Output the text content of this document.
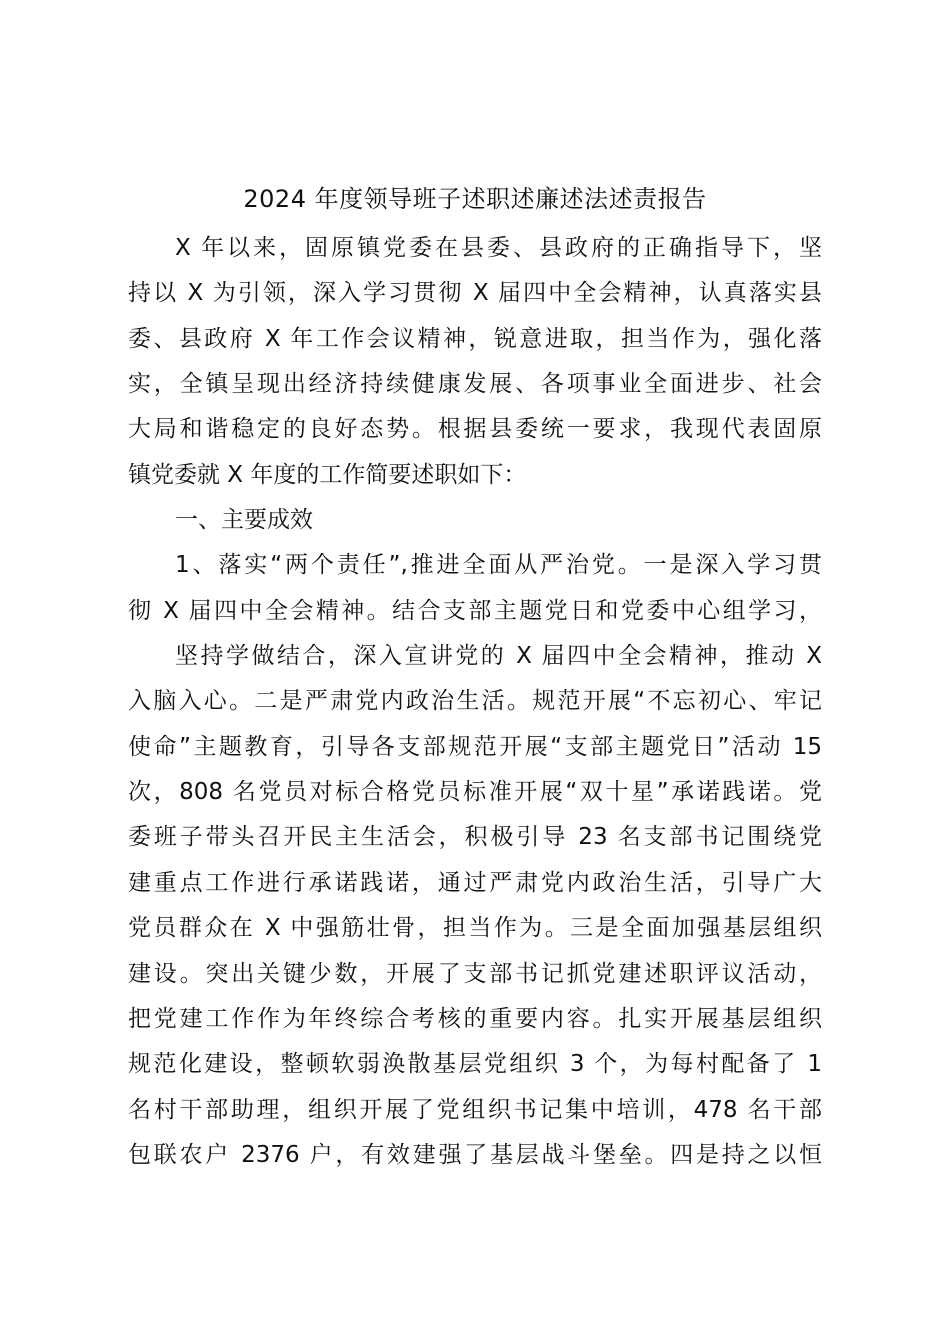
2024 年度领导班子述职述廉述法述责报告
X 年以来，固原镇党委在县委、县政府的正确指导下，坚
持以 X 为引领，深入学习贯彻 X 届四中全会精神，认真落实县
委、县政府 X 年工作会议精神，锐意进取，担当作为，强化落
实，全镇呈现出经济持续健康发展、各项事业全面进步、社会
大局和谐稳定的良好态势。根据县委统一要求，我现代表固原
镇党委就 X 年度的工作简要述职如下：
一、主要成效
1、落实“两个责任”,推进全面从严治党。一是深入学习贯
彻 X 届四中全会精神。结合支部主题党日和党委中心组学习，
坚持学做结合，深入宣讲党的 X 届四中全会精神，推动 X
入脑入心。二是严肃党内政治生活。规范开展“不忘初心、牢记
使命”主题教育，引导各支部规范开展“支部主题党日”活动 15
次，808 名党员对标合格党员标准开展“双十星”承诺践诺。党
委班子带头召开民主生活会，积极引导 23 名支部书记围绕党
建重点工作进行承诺践诺，通过严肃党内政治生活，引导广大
党员群众在 X 中强筋壮骨，担当作为。三是全面加强基层组织
建设。突出关键少数，开展了支部书记抓党建述职评议活动，
把党建工作作为年终综合考核的重要内容。扎实开展基层组织
规范化建设，整顿软弱涣散基层党组织 3 个，为每村配备了 1
名村干部助理，组织开展了党组织书记集中培训，478 名干部
包联农户 2376 户，有效建强了基层战斗堡垒。四是持之以恒
